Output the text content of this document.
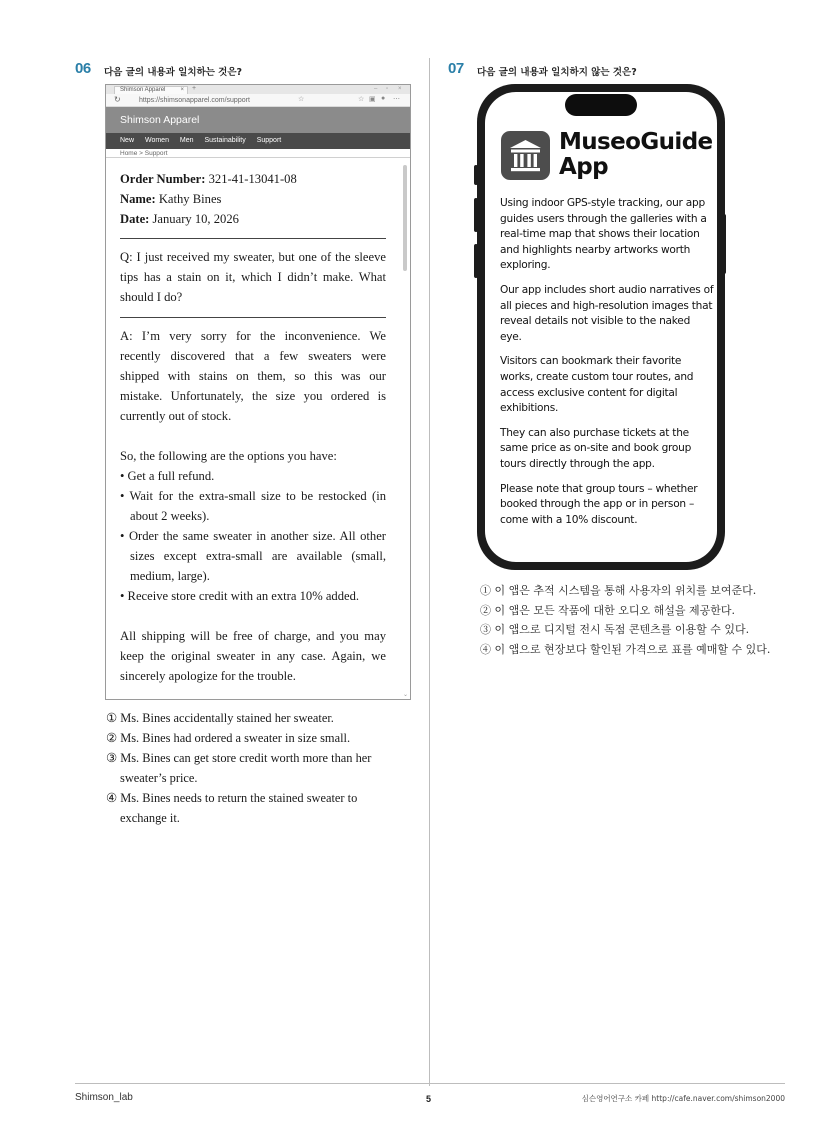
06 다음 글의 내용과 일치하는 것은?
Shimson Apparel	× +	– ▫ ×
↻	https://shimsonapparel.com/support	☆	☆ ▣ ● ⋯
Shimson Apparel
New Women Men Sustainability Support
Home > Support
⌄
Order Number: 321-41-13041-08
Name: Kathy Bines
Date: January 10, 2026
Q: I just received my sweater, but one of the sleeve tips has a stain on it, which I didn’t make. What should I do?
A: I’m very sorry for the inconvenience. We recently discovered that a few sweaters were shipped with stains on them, so this was our mistake. Unfortunately, the size you ordered is currently out of stock.
So, the following are the options you have:
• Get a full refund.
• Wait for the extra-small size to be restocked (in about 2 weeks).
• Order the same sweater in another size. All other sizes except extra-small are available (small, medium, large).
• Receive store credit with an extra 10% added.
All shipping will be free of charge, and you may keep the original sweater in any case. Again, we sincerely apologize for the trouble.
① Ms. Bines accidentally stained her sweater.
② Ms. Bines had ordered a sweater in size small.
③ Ms. Bines can get store credit worth more than her sweater’s price.
④ Ms. Bines needs to return the stained sweater to exchange it.
07 다음 글의 내용과 일치하지 않는 것은?
MuseoGuide
App

Using indoor GPS-style tracking, our app guides users through the galleries with a real-time map that shows their location and highlights nearby artworks worth exploring.

Our app includes short audio narratives of all pieces and high-resolution images that reveal details not visible to the naked eye.

Visitors can bookmark their favorite works, create custom tour routes, and access exclusive content for digital exhibitions.

They can also purchase tickets at the same price as on-site and book group tours directly through the app.

Please note that group tours – whether booked through the app or in person – come with a 10% discount.

① 이 앱은 추적 시스템을 통해 사용자의 위치를 보여준다.
② 이 앱은 모든 작품에 대한 오디오 해설을 제공한다.
③ 이 앱으로 디지털 전시 독점 콘텐츠를 이용할 수 있다.
④ 이 앱으로 현장보다 할인된 가격으로 표를 예매할 수 있다.
Shimson_lab	5	심슨영어연구소 카페 http://cafe.naver.com/shimson2000
